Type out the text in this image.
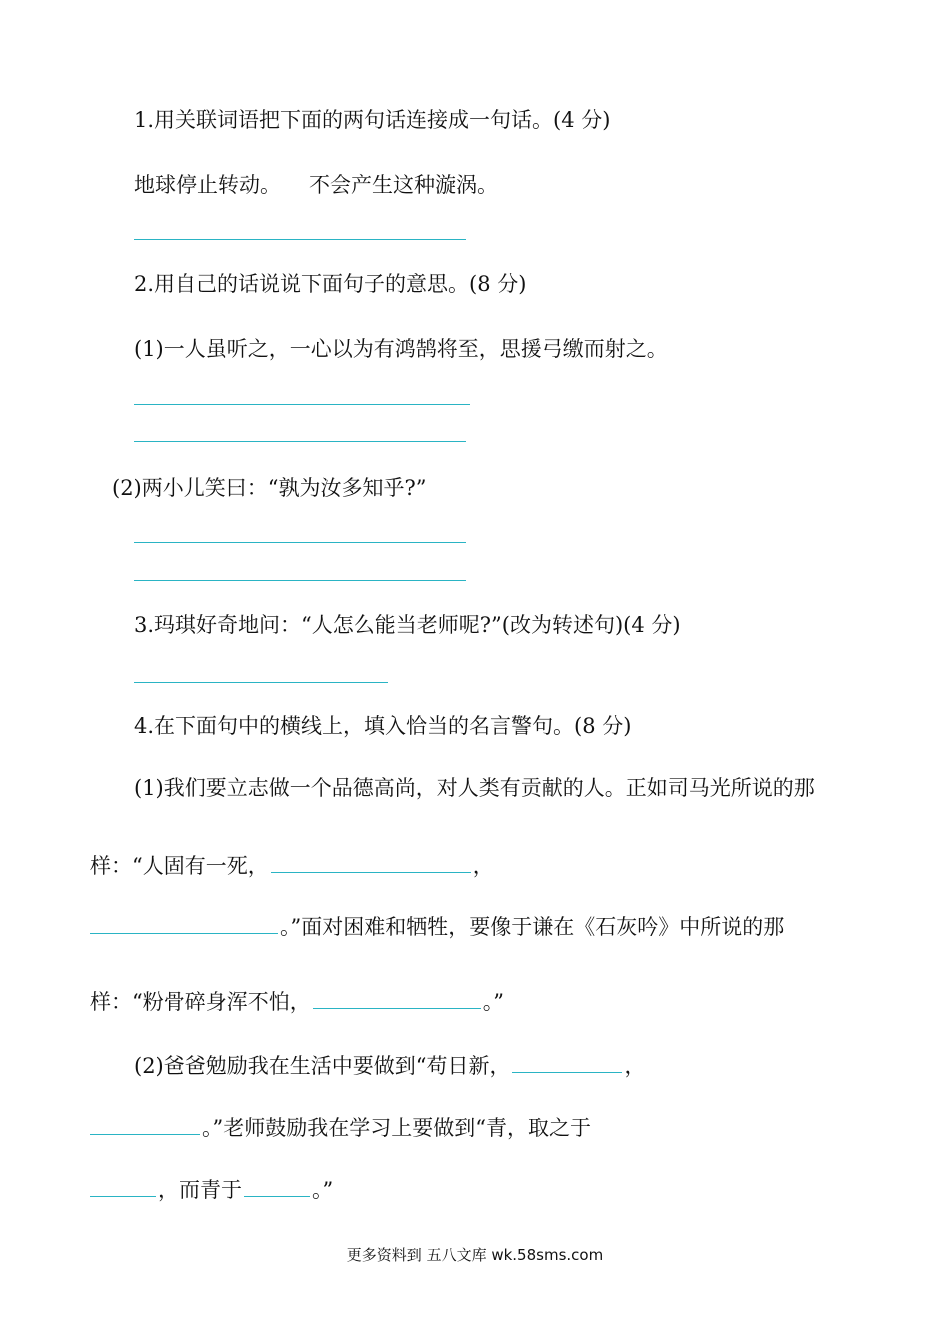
1.用关联词语把下面的两句话连接成一句话。(4 分)
地球停止转动。 不会产生这种漩涡。
2.用自己的话说说下面句子的意思。(8 分)
(1)一人虽听之，一心以为有鸿鹄将至，思援弓缴而射之。
(2)两小儿笑曰：“孰为汝多知乎?”
3.玛琪好奇地问：“人怎么能当老师呢?”(改为转述句)(4 分)
4.在下面句中的横线上，填入恰当的名言警句。(8 分)
(1)我们要立志做一个品德高尚，对人类有贡献的人。正如司马光所说的那
样：“人固有一死，	，
。”面对困难和牺牲，要像于谦在《石灰吟》中所说的那
样：“粉骨碎身浑不怕，	。”
(2)爸爸勉励我在生活中要做到“苟日新，	，
。”老师鼓励我在学习上要做到“青，取之于
，而青于	。”
更多资料到 五八文库 wk.58sms.com
